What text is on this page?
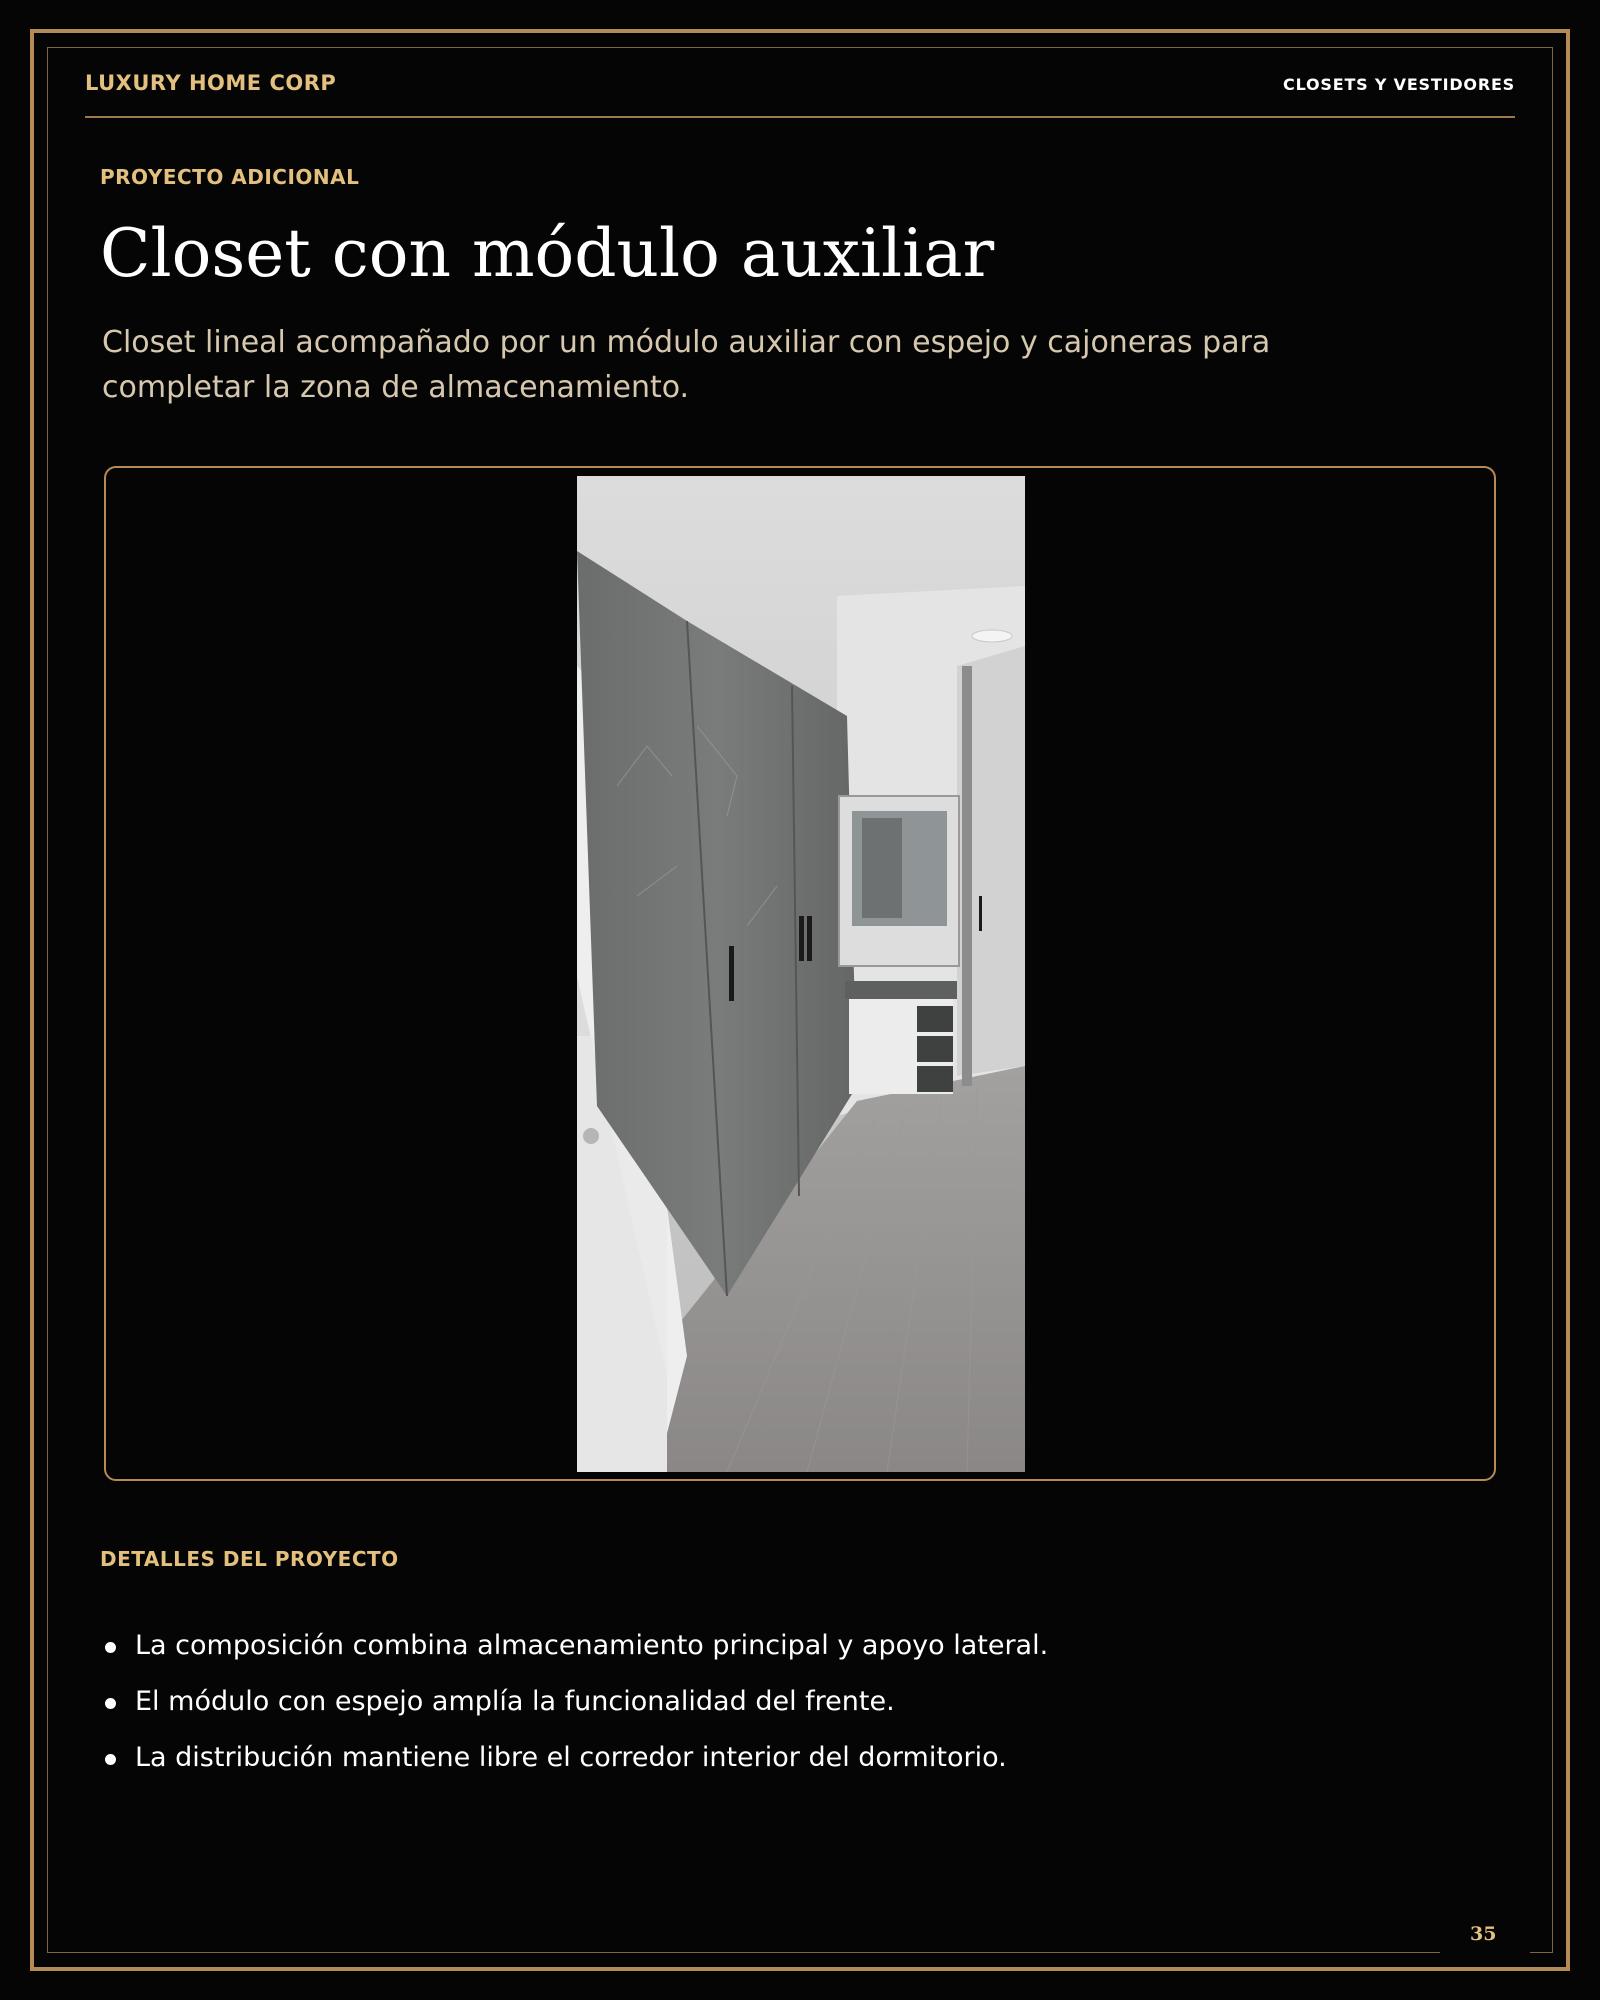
LUXURY HOME CORP	CLOSETS Y VESTIDORES
PROYECTO ADICIONAL
Closet con módulo auxiliar

Closet lineal acompañado por un módulo auxiliar con espejo y cajoneras para completar la zona de almacenamiento.

DETALLES DEL PROYECTO
La composición combina almacenamiento principal y apoyo lateral.
El módulo con espejo amplía la funcionalidad del frente.
La distribución mantiene libre el corredor interior del dormitorio.
35
